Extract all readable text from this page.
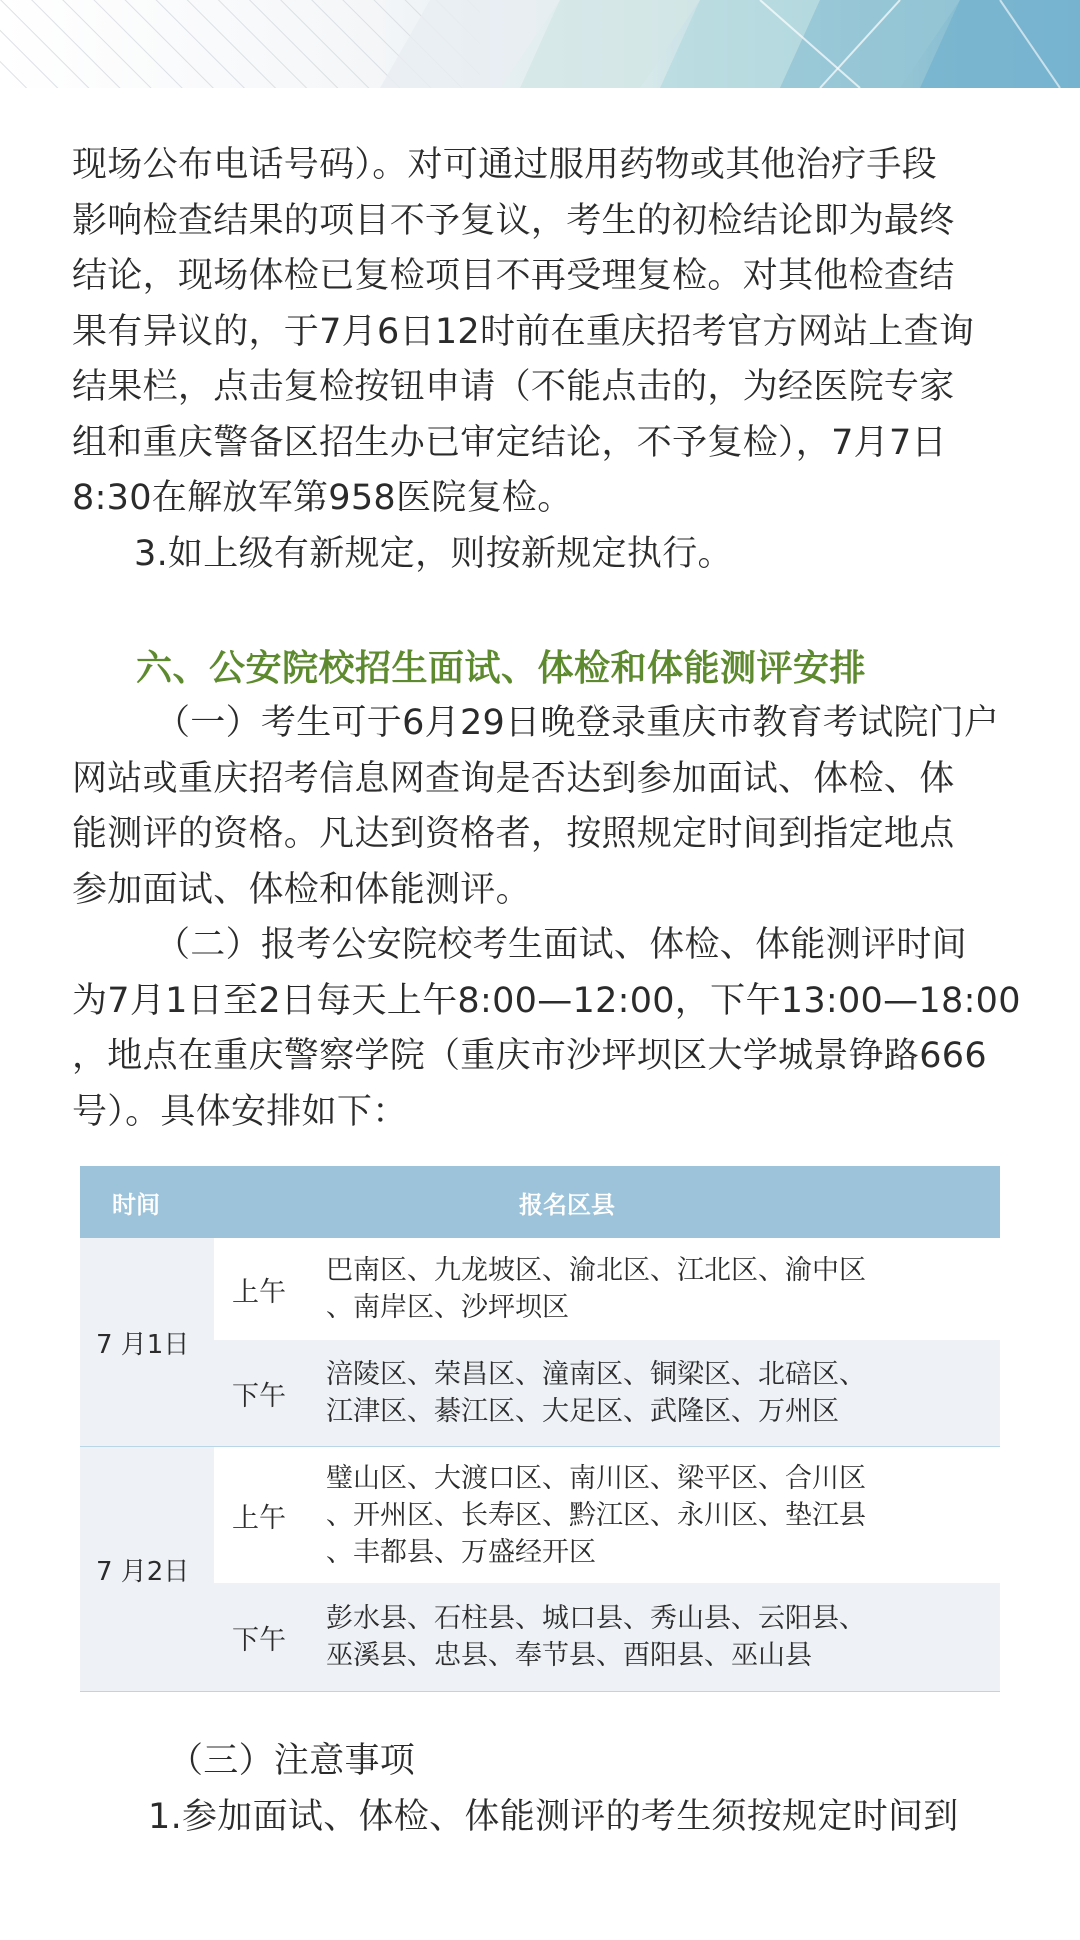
现场公布电话号码）。对可通过服用药物或其他治疗手段
影响检查结果的项目不予复议，考生的初检结论即为最终
结论，现场体检已复检项目不再受理复检。对其他检查结
果有异议的，于7月6日12时前在重庆招考官方网站上查询
结果栏，点击复检按钮申请（不能点击的，为经医院专家
组和重庆警备区招生办已审定结论，不予复检），7月7日
8:30在解放军第958医院复检。
3.如上级有新规定，则按新规定执行。

六、公安院校招生面试、体检和体能测评安排

（一）考生可于6月29日晚登录重庆市教育考试院门户
网站或重庆招考信息网查询是否达到参加面试、体检、体
能测评的资格。凡达到资格者，按照规定时间到指定地点
参加面试、体检和体能测评。

（二）报考公安院校考生面试、体检、体能测评时间
为7月1日至2日每天上午8:00—12:00，下午13:00—18:00
，地点在重庆警察学院（重庆市沙坪坝区大学城景铮路666
号）。具体安排如下：

时间	报名区县
7 月1日
上午
巴南区、九龙坡区、渝北区、江北区、渝中区
、南岸区、沙坪坝区
下午
涪陵区、荣昌区、潼南区、铜梁区、北碚区、
江津区、綦江区、大足区、武隆区、万州区
7 月2日
上午
璧山区、大渡口区、南川区、梁平区、合川区
、开州区、长寿区、黔江区、永川区、垫江县
、丰都县、万盛经开区
下午
彭水县、石柱县、城口县、秀山县、云阳县、
巫溪县、忠县、奉节县、酉阳县、巫山县

（三）注意事项
1.参加面试、体检、体能测评的考生须按规定时间到
